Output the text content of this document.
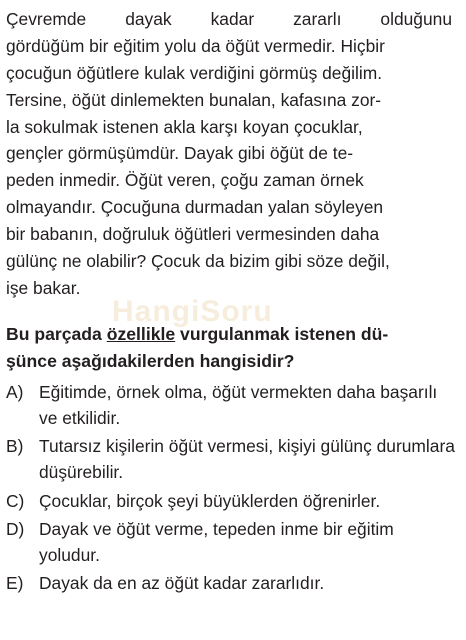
HangiSoru
Çevremde dayak kadar zararlı olduğunu
gördüğüm bir eğitim yolu da öğüt vermedir. Hiçbir
çocuğun öğütlere kulak verdiğini görmüş değilim.
Tersine, öğüt dinlemekten bunalan, kafasına zor-
la sokulmak istenen akla karşı koyan çocuklar,
gençler görmüşümdür. Dayak gibi öğüt de te-
peden inmedir. Öğüt veren, çoğu zaman örnek
olmayandır. Çocuğuna durmadan yalan söyleyen
bir babanın, doğruluk öğütleri vermesinden daha
gülünç ne olabilir? Çocuk da bizim gibi söze değil,
işe bakar.
Bu parçada özellikle vurgulanmak istenen dü-
şünce aşağıdakilerden hangisidir?
A) Eğitimde, örnek olma, öğüt vermekten daha başarılı ve etkilidir.
B) Tutarsız kişilerin öğüt vermesi, kişiyi gülünç durumlara düşürebilir.
C) Çocuklar, birçok şeyi büyüklerden öğrenirler.
D) Dayak ve öğüt verme, tepeden inme bir eğitim yoludur.
E) Dayak da en az öğüt kadar zararlıdır.
